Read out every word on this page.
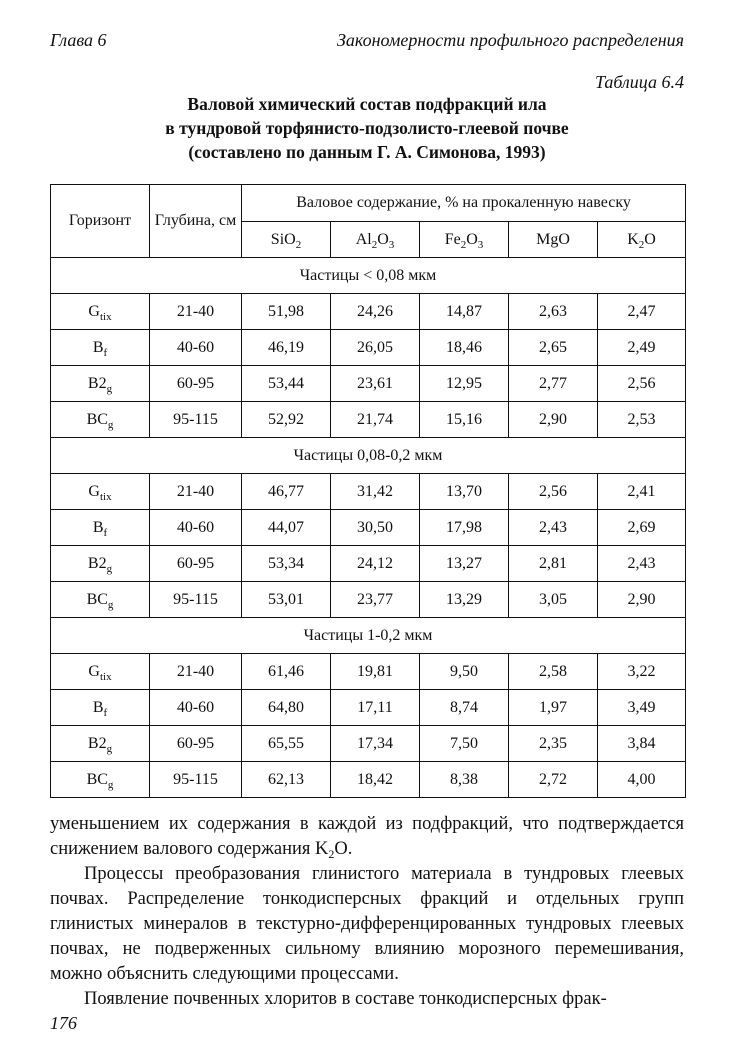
Глава 6	Закономерности профильного распределения
Таблица 6.4
Валовой химический состав подфракций ила
в тундровой торфянисто-подзолисто-глеевой почве
(составлено по данным Г. А. Симонова, 1993)
Горизонт	Глубина, см	Валовое содержание, % на прокаленную навеску				
		SiO$_2$	$Al_2O_3$	$Fe_2O_3$	MgO	$K_2O$
Частицы < 0,08 мкм						
$G_{tix}$	21-40	51,98	24,26	14,87	2,63	2,47
$B_f$	40-60	46,19	26,05	18,46	2,65	2,49
$B2_g$	60-95	53,44	23,61	12,95	2,77	2,56
$BC_g$	95-115	52,92	21,74	15,16	2,90	2,53
Частицы 0,08-0,2 мкм						
$G_{tix}$	21-40	46,77	31,42	13,70	2,56	2,41
$B_f$	40-60	44,07	30,50	17,98	2,43	2,69
$B2_g$	60-95	53,34	24,12	13,27	2,81	2,43
$BC_g$	95-115	53,01	23,77	13,29	3,05	2,90
Частицы 1-0,2 мкм						
$G_{tix}$	21-40	61,46	19,81	9,50	2,58	3,22
$B_f$	40-60	64,80	17,11	8,74	1,97	3,49
$B2_g$	60-95	65,55	17,34	7,50	2,35	3,84
$BC_g$	95-115	62,13	18,42	8,38	2,72	4,00

уменьшением их содержания в каждой из подфракций, что подтверждается снижением валового содержания $K_2O$.

Процессы преобразования глинистого материала в тундровых глеевых почвах. Распределение тонкодисперсных фракций и отдельных групп глинистых минералов в текстурно-дифференцированных тундровых глеевых почвах, не подверженных сильному влиянию морозного перемешивания, можно объяснить следующими процессами.

Появление почвенных хлоритов в составе тонкодисперсных фрак-

176
